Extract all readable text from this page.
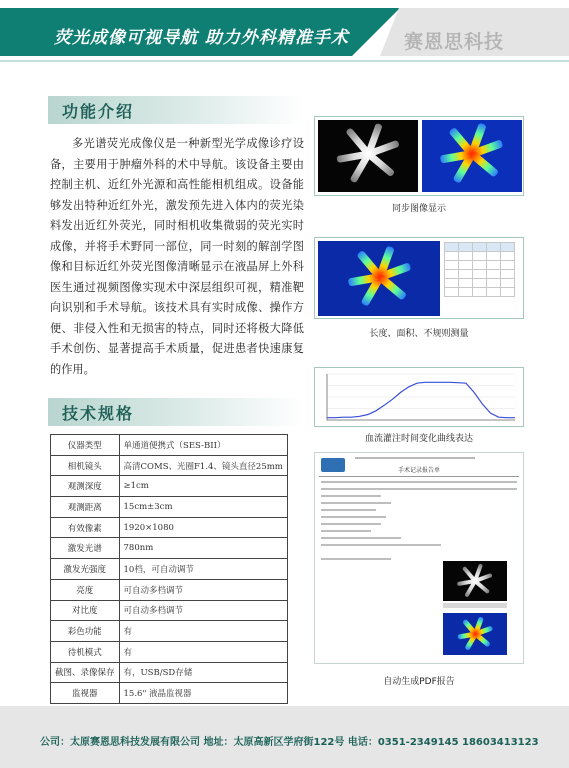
荧光成像可视导航 助力外科精准手术	赛恩思科技
功能介绍

多光谱荧光成像仪是一种新型光学成像诊疗设备，主要用于肿瘤外科的术中导航。该设备主要由控制主机、近红外光源和高性能相机组成。设备能够发出特种近红外光，激发预先进入体内的荧光染料发出近红外荧光，同时相机收集微弱的荧光实时成像，并将手术野同一部位，同一时刻的解剖学图像和目标近红外荧光图像清晰显示在液晶屏上外科医生通过视频图像实现术中深层组织可视，精准靶向识别和手术导航。该技术具有实时成像、操作方便、非侵入性和无损害的特点，同时还将极大降低手术创伤、显著提高手术质量，促进患者快速康复的作用。

技术规格
仪器类型	单通道便携式（SES-BII）
相机镜头	高清COMS、光圈F1.4、镜头直径25mm
观测深度	≥1cm
观测距离	15cm±3cm
有效像素	1920×1080
激发光谱	780nm
激发光强度	10档，可自动调节
亮度	可自动多档调节
对比度	可自动多档调节
彩色功能	有
待机模式	有
截图、录像保存	有，USB/SD存储
监视器	15.6" 液晶监视器
同步图像显示

长度、面积、不规则测量
血流灌注时间变化曲线表达
手术记录报告单
自动生成PDF报告
公司：太原赛恩思科技发展有限公司 地址：太原高新区学府街122号 电话：0351-2349145 18603413123
